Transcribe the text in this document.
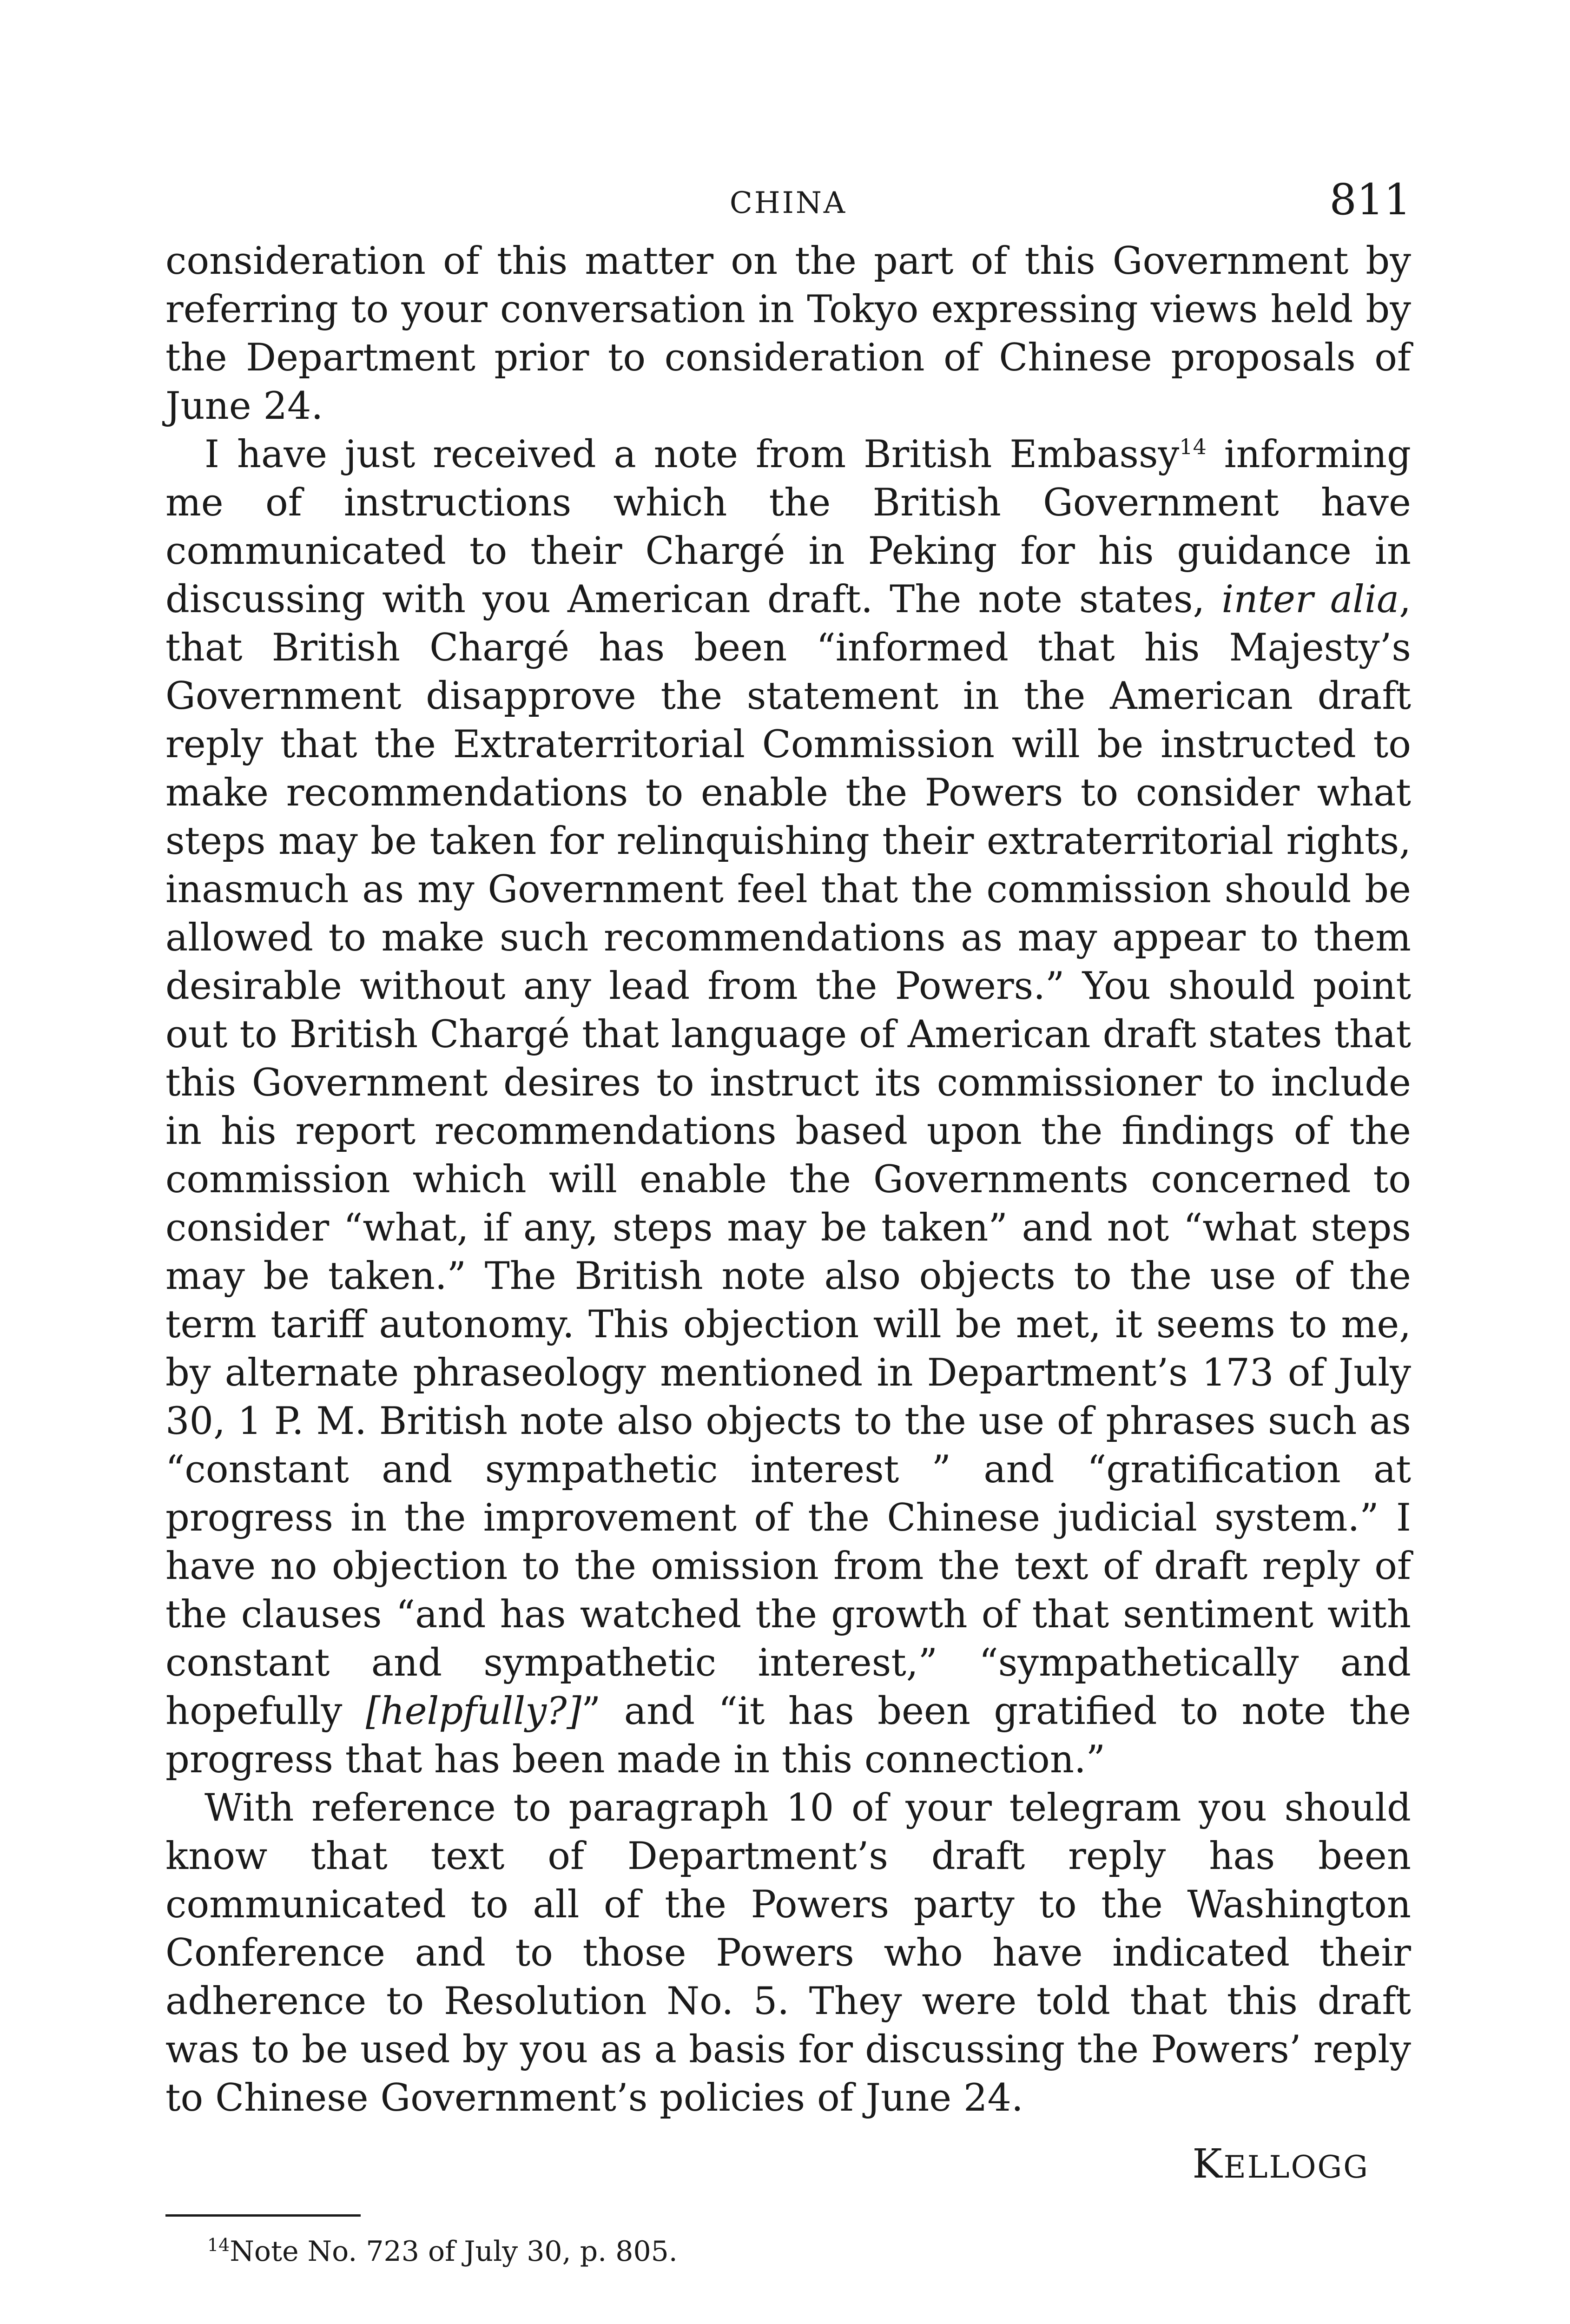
CHINA	811

consideration of this matter on the part of this Government by referring to your conversation in Tokyo expressing views held by the Department prior to consideration of Chinese proposals of June 24.

I have just received a note from British Embassy$^{14}$ informing me of instructions which the British Government have communicated to their Chargé in Peking for his guidance in discussing with you American draft. The note states, inter alia, that British Chargé has been “informed that his Majesty’s Government disapprove the statement in the American draft reply that the Extraterritorial Commission will be instructed to make recommendations to enable the Powers to consider what steps may be taken for relinquishing their extraterritorial rights, inasmuch as my Government feel that the commission should be allowed to make such recommendations as may appear to them desirable without any lead from the Powers.” You should point out to British Chargé that language of American draft states that this Government desires to instruct its commissioner to include in his report recommendations based upon the findings of the commission which will enable the Governments concerned to consider “what, if any, steps may be taken” and not “what steps may be taken.” The British note also objects to the use of the term tariff autonomy. This objection will be met, it seems to me, by alternate phraseology mentioned in Department’s 173 of July 30, 1 P. M. British note also objects to the use of phrases such as “constant and sympathetic interest ” and “gratification at progress in the improvement of the Chinese judicial system.” I have no objection to the omission from the text of draft reply of the clauses “and has watched the growth of that sentiment with constant and sympathetic interest,” “sympathetically and hopefully [helpfully?]” and “it has been gratified to note the progress that has been made in this connection.”

With reference to paragraph 10 of your telegram you should know that text of Department’s draft reply has been communicated to all of the Powers party to the Washington Conference and to those Powers who have indicated their adherence to Resolution No. 5. They were told that this draft was to be used by you as a basis for discussing the Powers’ reply to Chinese Government’s policies of June 24.

KELLOGG
$^{14}$Note No. 723 of July 30, p. 805.
